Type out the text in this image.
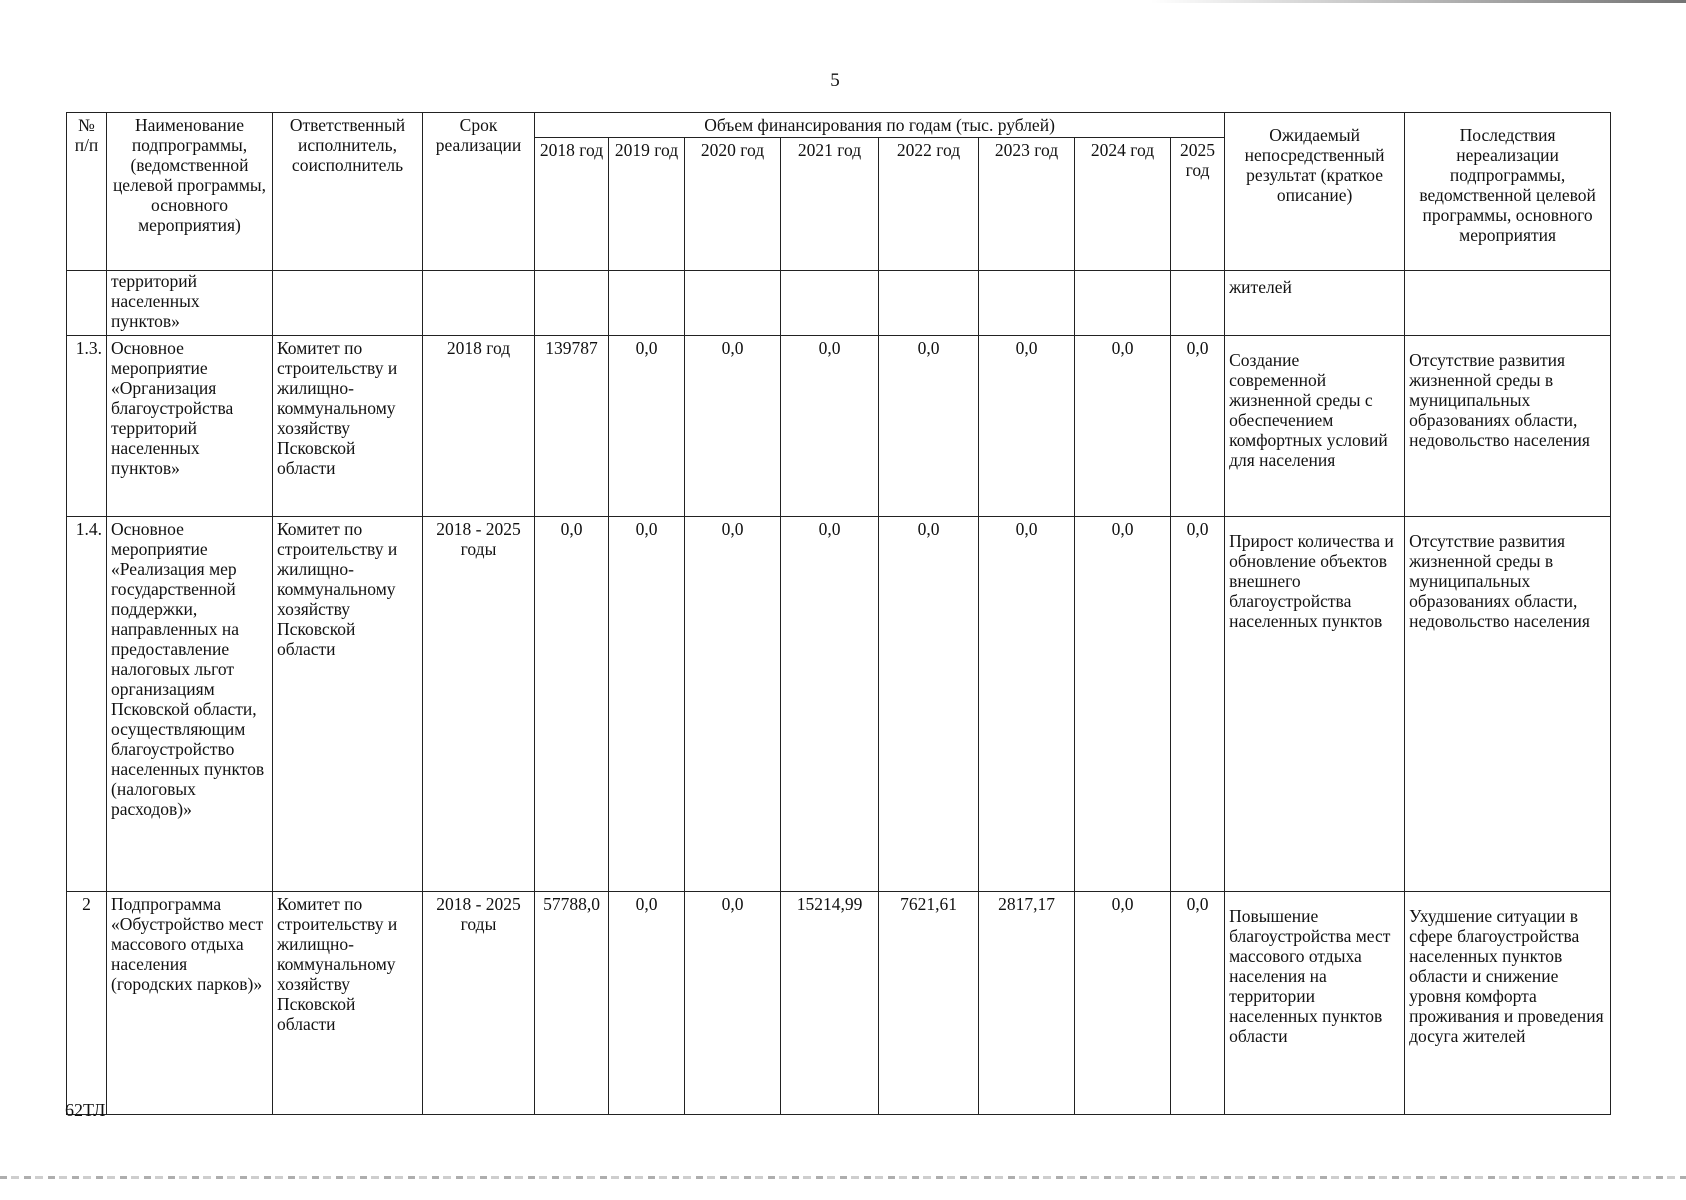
5
№ п/п	Наименование подпрограммы, (ведомственной целевой программы, основного мероприятия)	Ответственный исполнитель, соисполнитель	Срок реализации	Объем финансирования по годам (тыс. рублей)								Ожидаемый непосредственный результат (краткое описание)	Последствия нереализации подпрограммы, ведомственной целевой программы, основного мероприятия
				2018 год	2019 год	2020 год	2021 год	2022 год	2023 год	2024 год	2025 год		
	территорий населенных пунктов»											жителей	
1.3.	Основное мероприятие «Организация благоустройства территорий населенных пунктов»	Комитет по строительству и жилищно-коммунальному хозяйству Псковской области	2018 год	139787	0,0	0,0	0,0	0,0	0,0	0,0	0,0	Создание современной жизненной среды с обеспечением комфортных условий для населения	Отсутствие развития жизненной среды в муниципальных образованиях области, недовольство населения
1.4.	Основное мероприятие «Реализация мер государственной поддержки, направленных на предоставление налоговых льгот организациям Псковской области, осуществляющим благоустройство населенных пунктов (налоговых расходов)»	Комитет по строительству и жилищно-коммунальному хозяйству Псковской области	2018 - 2025 годы	0,0	0,0	0,0	0,0	0,0	0,0	0,0	0,0	Прирост количества и обновление объектов внешнего благоустройства населенных пунктов	Отсутствие развития жизненной среды в муниципальных образованиях области, недовольство населения
2	Подпрограмма «Обустройство мест массового отдыха населения (городских парков)»	Комитет по строительству и жилищно-коммунальному хозяйству Псковской области	2018 - 2025 годы	57788,0	0,0	0,0	15214,99	7621,61	2817,17	0,0	0,0	Повышение благоустройства мест массового отдыха населения на территории населенных пунктов области	Ухудшение ситуации в сфере благоустройства населенных пунктов области и снижение уровня комфорта проживания и проведения досуга жителей
62ТЛ
